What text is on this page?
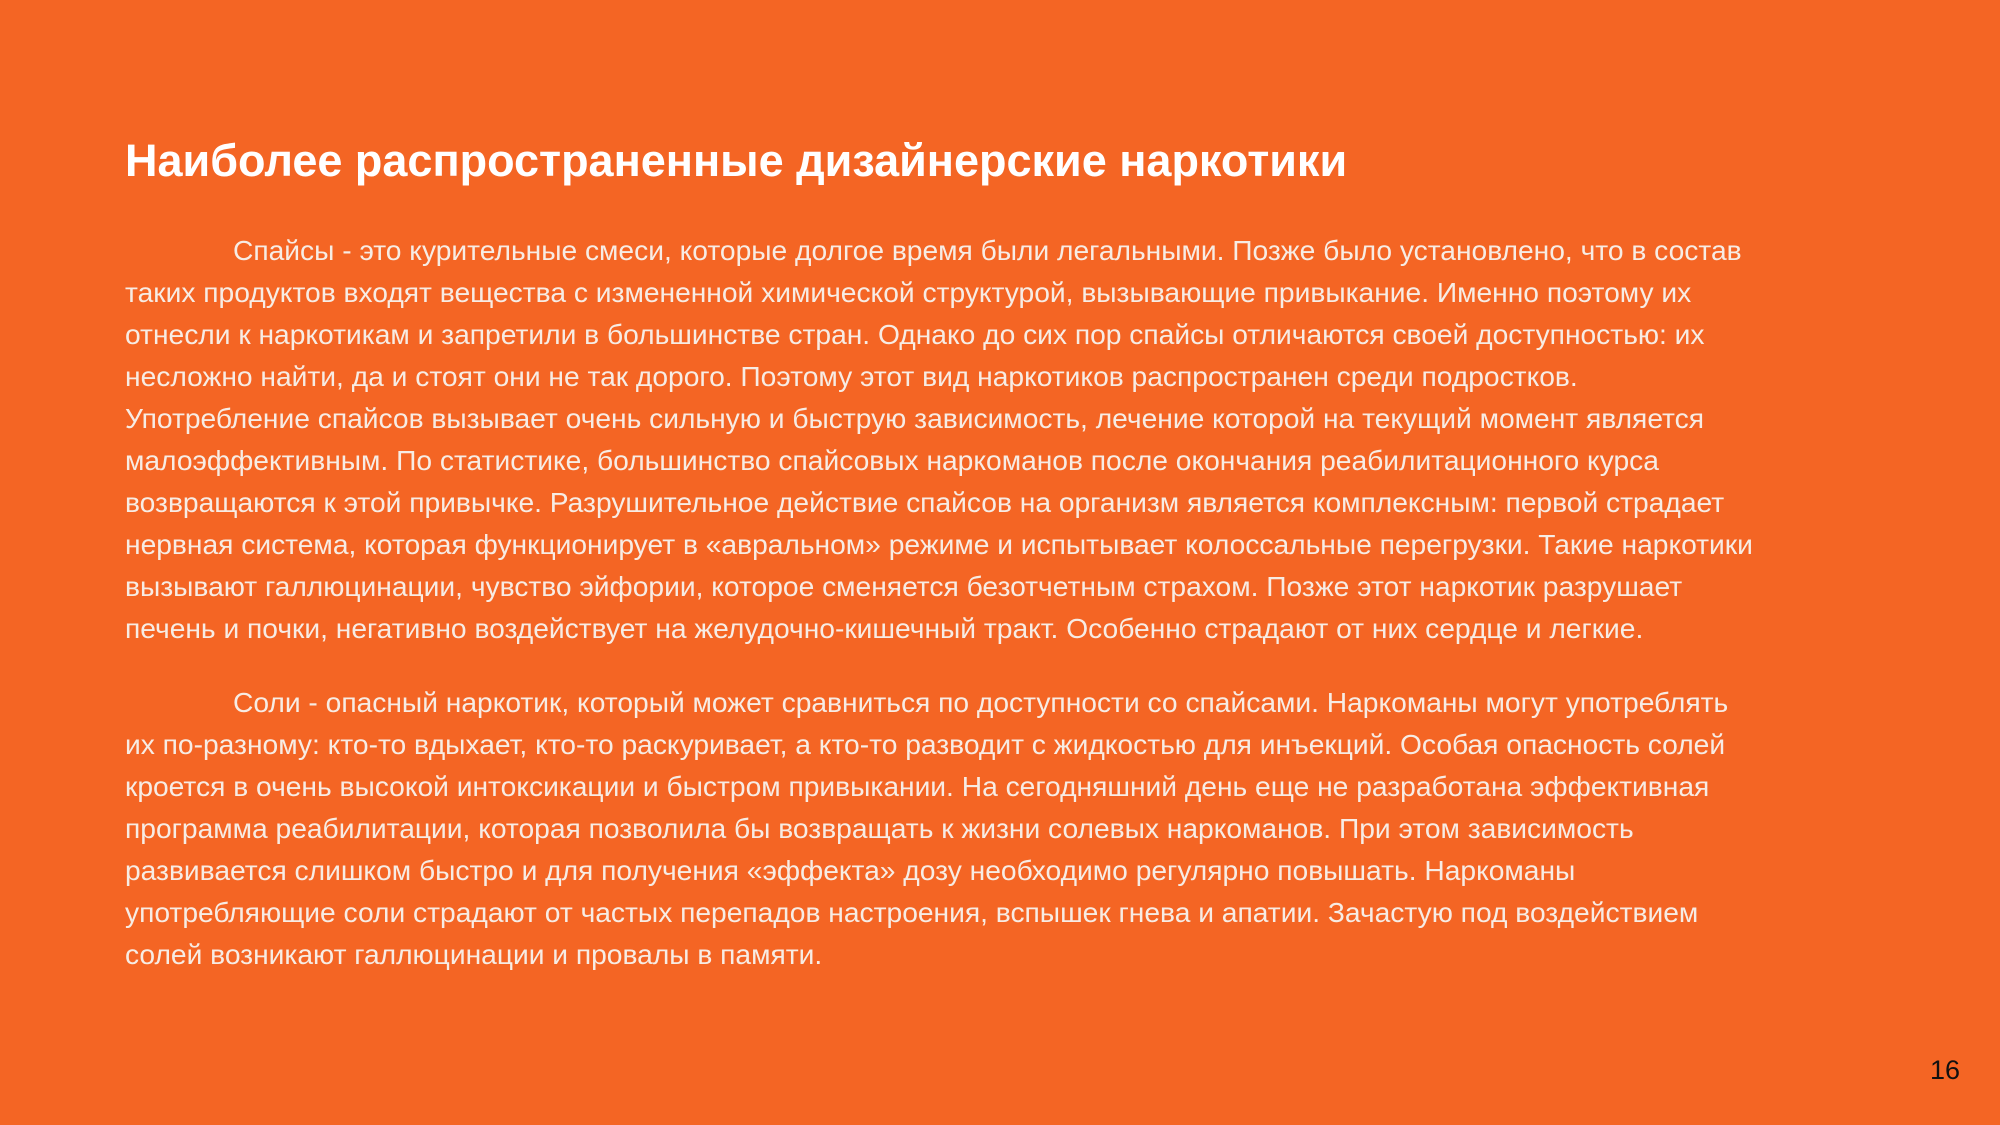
Наиболее распространенные дизайнерские наркотики

Спайсы - это курительные смеси, которые долгое время были легальными. Позже было установлено, что в состав
таких продуктов входят вещества с измененной химической структурой, вызывающие привыкание. Именно поэтому их
отнесли к наркотикам и запретили в большинстве стран. Однако до сих пор спайсы отличаются своей доступностью: их
несложно найти, да и стоят они не так дорого. Поэтому этот вид наркотиков распространен среди подростков.
Употребление спайсов вызывает очень сильную и быструю зависимость, лечение которой на текущий момент является
малоэффективным. По статистике, большинство спайсовых наркоманов после окончания реабилитационного курса
возвращаются к этой привычке. Разрушительное действие спайсов на организм является комплексным: первой страдает
нервная система, которая функционирует в «авральном» режиме и испытывает колоссальные перегрузки. Такие наркотики
вызывают галлюцинации, чувство эйфории, которое сменяется безотчетным страхом. Позже этот наркотик разрушает
печень и почки, негативно воздействует на желудочно-кишечный тракт. Особенно страдают от них сердце и легкие.

Соли - опасный наркотик, который может сравниться по доступности со спайсами. Наркоманы могут употреблять
их по-разному: кто-то вдыхает, кто-то раскуривает, а кто-то разводит с жидкостью для инъекций. Особая опасность солей
кроется в очень высокой интоксикации и быстром привыкании. На сегодняшний день еще не разработана эффективная
программа реабилитации, которая позволила бы возвращать к жизни солевых наркоманов. При этом зависимость
развивается слишком быстро и для получения «эффекта» дозу необходимо регулярно повышать. Наркоманы
употребляющие соли страдают от частых перепадов настроения, вспышек гнева и апатии. Зачастую под воздействием
солей возникают галлюцинации и провалы в памяти.

16
